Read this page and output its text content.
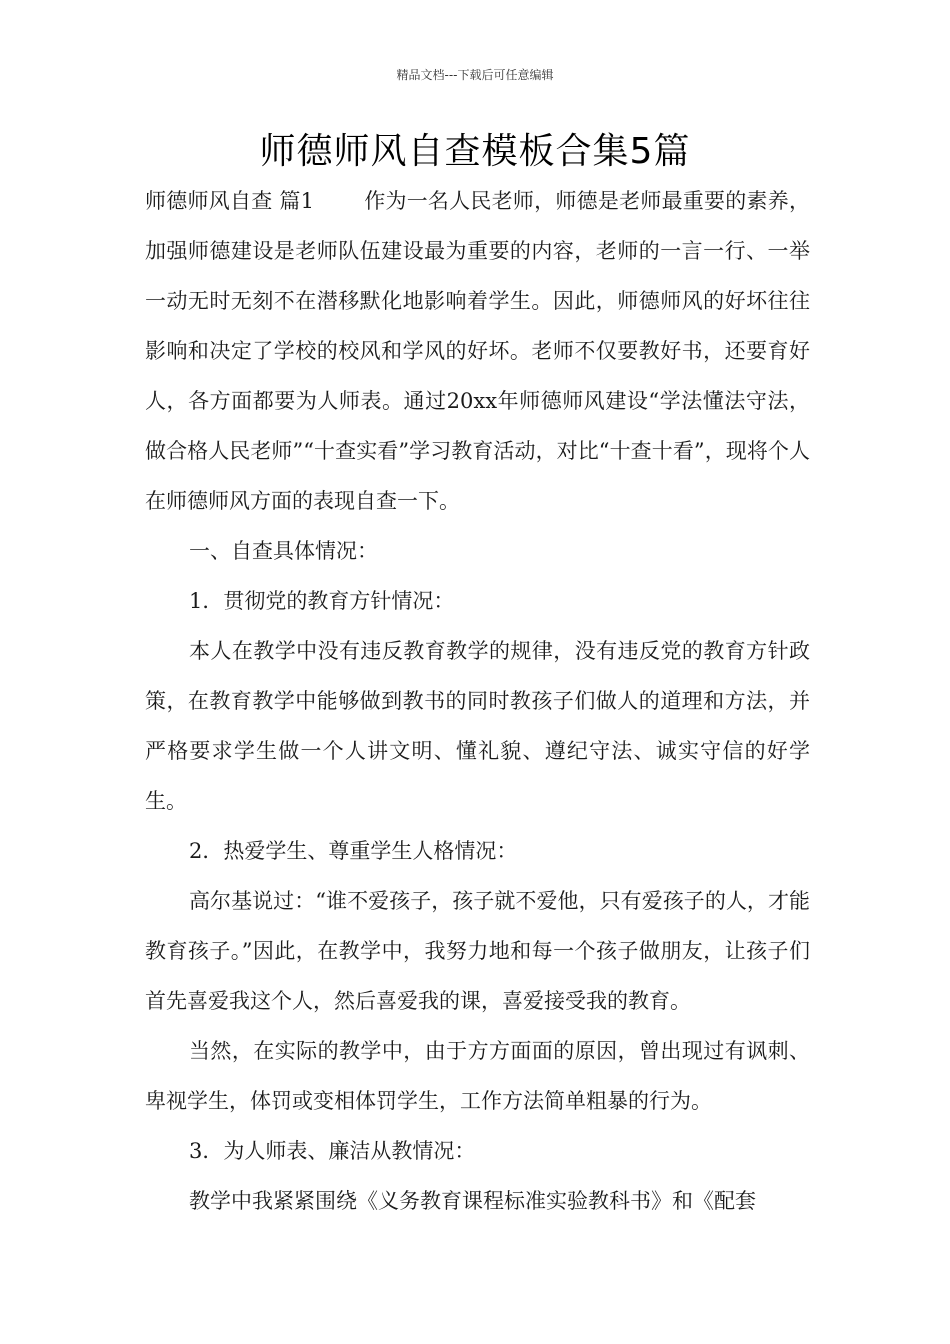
精品文档---下载后可任意编辑
师德师风自查模板合集5篇

师德师风自查 篇1 作为一名人民老师，师德是老师最重要的素养，加强师德建设是老师队伍建设最为重要的内容，老师的一言一行、一举一动无时无刻不在潜移默化地影响着学生。因此，师德师风的好坏往往影响和决定了学校的校风和学风的好坏。老师不仅要教好书，还要育好人，各方面都要为人师表。通过20xx年师德师风建设“学法懂法守法，做合格人民老师”“十查实看”学习教育活动，对比“十查十看”，现将个人在师德师风方面的表现自查一下。

一、自查具体情况：

1．贯彻党的教育方针情况：

本人在教学中没有违反教育教学的规律，没有违反党的教育方针政策，在教育教学中能够做到教书的同时教孩子们做人的道理和方法，并严格要求学生做一个人讲文明、懂礼貌、遵纪守法、诚实守信的好学生。

2．热爱学生、尊重学生人格情况：

高尔基说过：“谁不爱孩子，孩子就不爱他，只有爱孩子的人，才能教育孩子。”因此，在教学中，我努力地和每一个孩子做朋友，让孩子们首先喜爱我这个人，然后喜爱我的课，喜爱接受我的教育。

当然，在实际的教学中，由于方方面面的原因，曾出现过有讽刺、卑视学生，体罚或变相体罚学生，工作方法简单粗暴的行为。

3．为人师表、廉洁从教情况：

教学中我紧紧围绕《义务教育课程标准实验教科书》和《配套
